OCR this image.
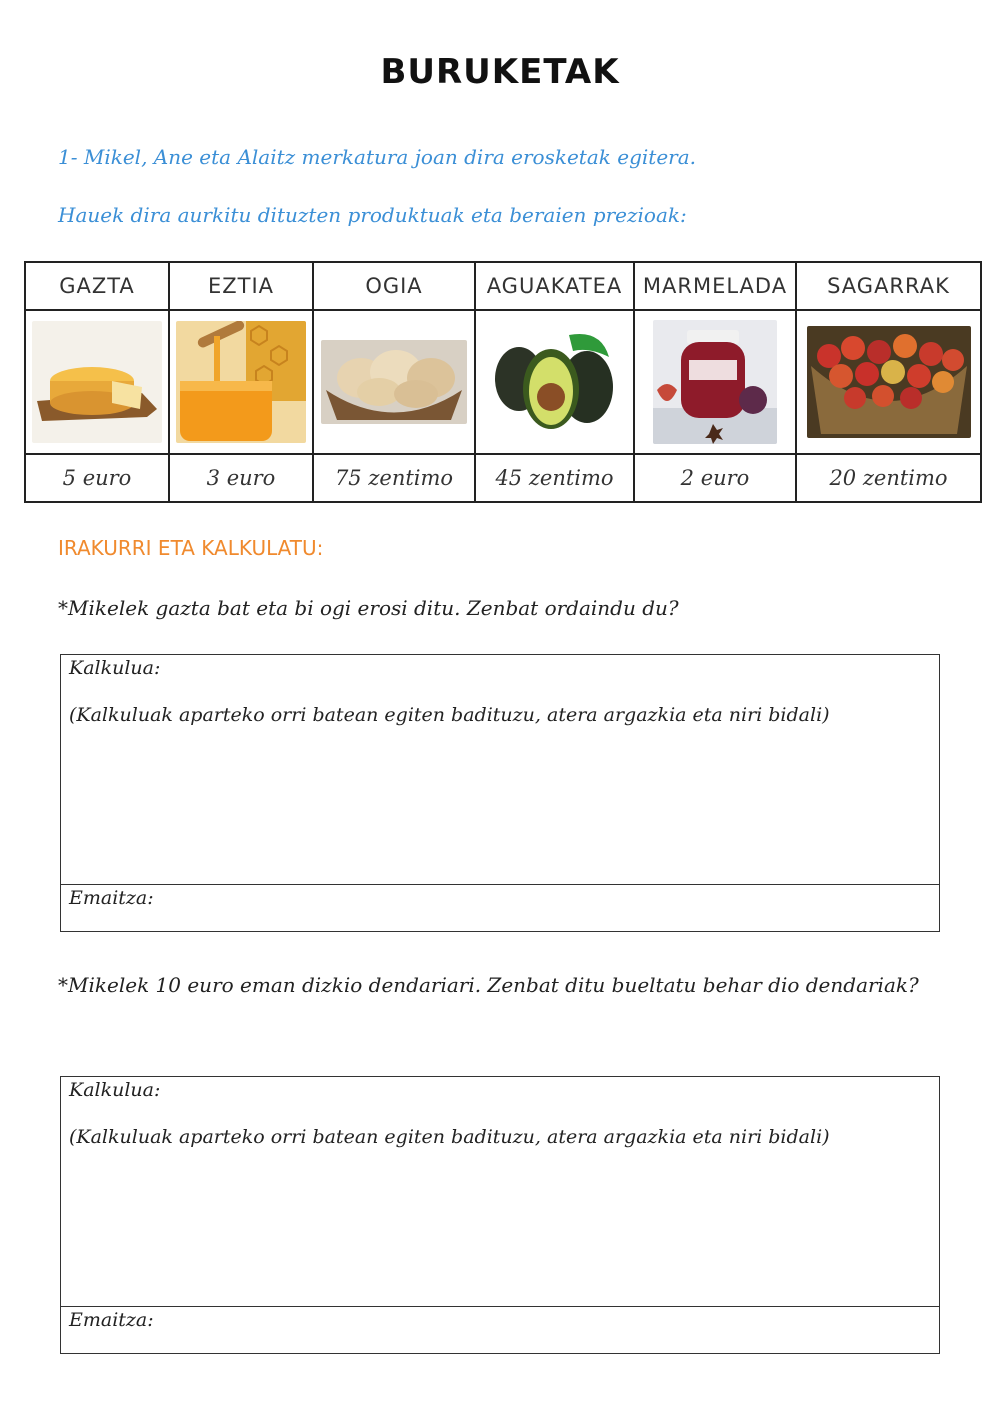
BURUKETAK
1- Mikel, Ane eta Alaitz merkatura joan dira erosketak egitera.
Hauek dira aurkitu dituzten produktuak eta beraien prezioak:
GAZTA	EZTIA	OGIA	AGUAKATEA	MARMELADA	SAGARRAK

5 euro	3 euro	75 zentimo	45 zentimo	2 euro	20 zentimo
IRAKURRI ETA KALKULATU:
*Mikelek gazta bat eta bi ogi erosi ditu. Zenbat ordaindu du?
Kalkulua:
(Kalkuluak aparteko orri batean egiten badituzu, atera argazkia eta niri bidali)
Emaitza:
*Mikelek 10 euro eman dizkio dendariari. Zenbat ditu bueltatu behar dio dendariak?
Kalkulua:
(Kalkuluak aparteko orri batean egiten badituzu, atera argazkia eta niri bidali)
Emaitza:
